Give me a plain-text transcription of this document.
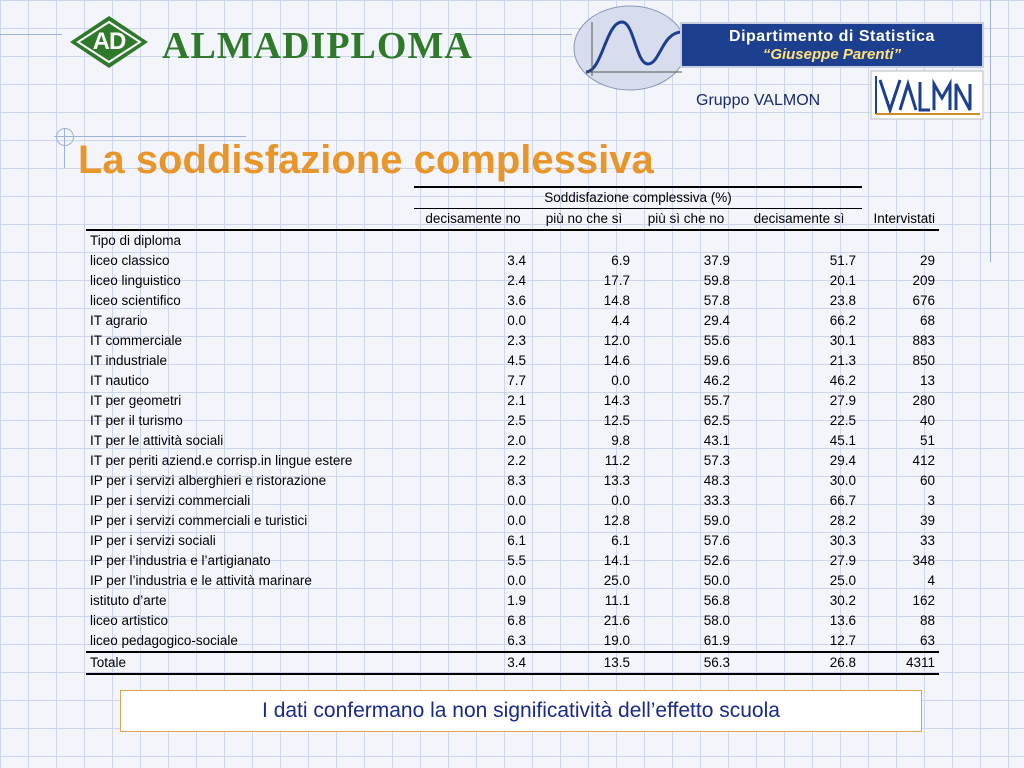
AD ALMADIPLOMA	Dipartimento di Statistica
“Giuseppe Parenti”
Gruppo VALMON
La soddisfazione complessiva
	Soddisfazione complessiva (%)				
	decisamente no	più no che sì	più sì che no	decisamente sì	Intervistati
Tipo di diploma					
liceo classico	3.4	6.9	37.9	51.7	29
liceo linguistico	2.4	17.7	59.8	20.1	209
liceo scientifico	3.6	14.8	57.8	23.8	676
IT agrario	0.0	4.4	29.4	66.2	68
IT commerciale	2.3	12.0	55.6	30.1	883
IT industriale	4.5	14.6	59.6	21.3	850
IT nautico	7.7	0.0	46.2	46.2	13
IT per geometri	2.1	14.3	55.7	27.9	280
IT per il turismo	2.5	12.5	62.5	22.5	40
IT per le attività sociali	2.0	9.8	43.1	45.1	51
IT per periti aziend.e corrisp.in lingue estere	2.2	11.2	57.3	29.4	412
IP per i servizi alberghieri e ristorazione	8.3	13.3	48.3	30.0	60
IP per i servizi commerciali	0.0	0.0	33.3	66.7	3
IP per i servizi commerciali e turistici	0.0	12.8	59.0	28.2	39
IP per i servizi sociali	6.1	6.1	57.6	30.3	33
IP per l’industria e l’artigianato	5.5	14.1	52.6	27.9	348
IP per l’industria e le attività marinare	0.0	25.0	50.0	25.0	4
istituto d’arte	1.9	11.1	56.8	30.2	162
liceo artistico	6.8	21.6	58.0	13.6	88
liceo pedagogico-sociale	6.3	19.0	61.9	12.7	63
Totale	3.4	13.5	56.3	26.8	4311
I dati confermano la non significatività dell’effetto scuola
